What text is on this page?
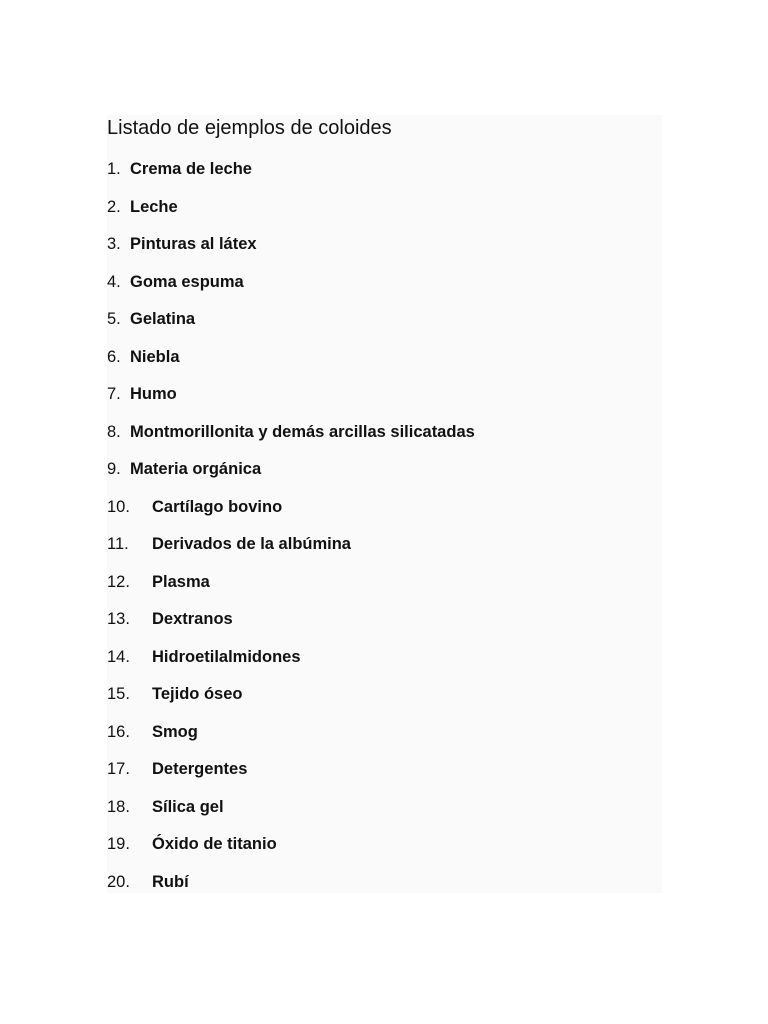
Listado de ejemplos de coloides
1. Crema de leche
2. Leche
3. Pinturas al látex
4. Goma espuma
5. Gelatina
6. Niebla
7. Humo
8. Montmorillonita y demás arcillas silicatadas
9. Materia orgánica
10. Cartílago bovino
11. Derivados de la albúmina
12. Plasma
13. Dextranos
14. Hidroetilalmidones
15. Tejido óseo
16. Smog
17. Detergentes
18. Sílica gel
19. Óxido de titanio
20. Rubí
